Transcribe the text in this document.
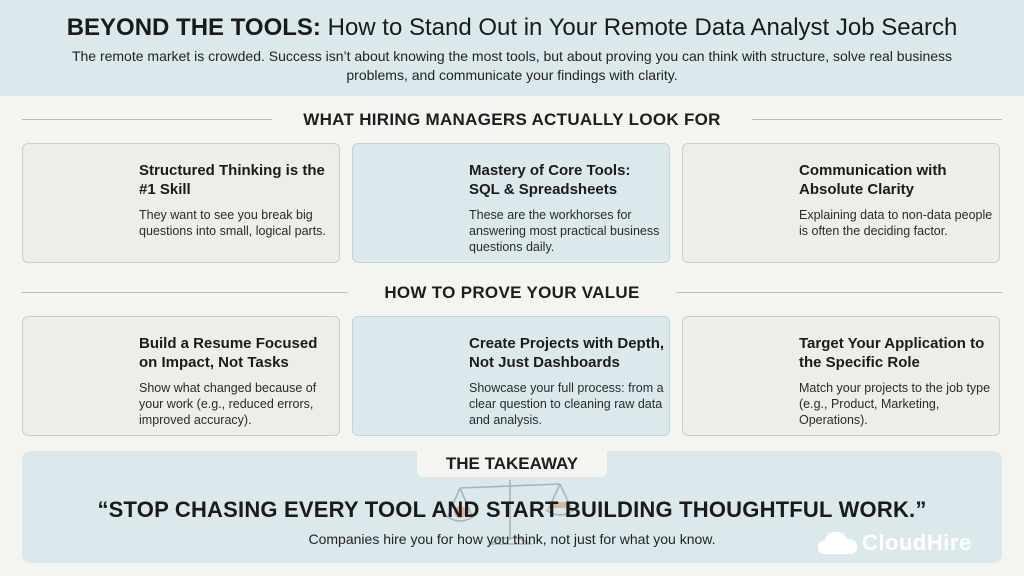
BEYOND THE TOOLS: How to Stand Out in Your Remote Data Analyst Job Search
The remote market is crowded. Success isn’t about knowing the most tools, but about proving you can think with structure, solve real business problems, and communicate your findings with clarity.
WHAT HIRING MANAGERS ACTUALLY LOOK FOR
Structured Thinking is the #1 Skill
They want to see you break big questions into small, logical parts.
Mastery of Core Tools: SQL & Spreadsheets
These are the workhorses for answering most practical business questions daily.
Communication with Absolute Clarity
Explaining data to non-data people is often the deciding factor.
HOW TO PROVE YOUR VALUE
Build a Resume Focused on Impact, Not Tasks
Show what changed because of your work (e.g., reduced errors, improved accuracy).
Create Projects with Depth, Not Just Dashboards
Showcase your full process: from a clear question to cleaning raw data and analysis.
Target Your Application to the Specific Role
Match your projects to the job type (e.g., Product, Marketing, Operations).
THE TAKEAWAY
“STOP CHASING EVERY TOOL AND START BUILDING THOUGHTFUL WORK.”
Companies hire you for how you think, not just for what you know.	CloudHire
